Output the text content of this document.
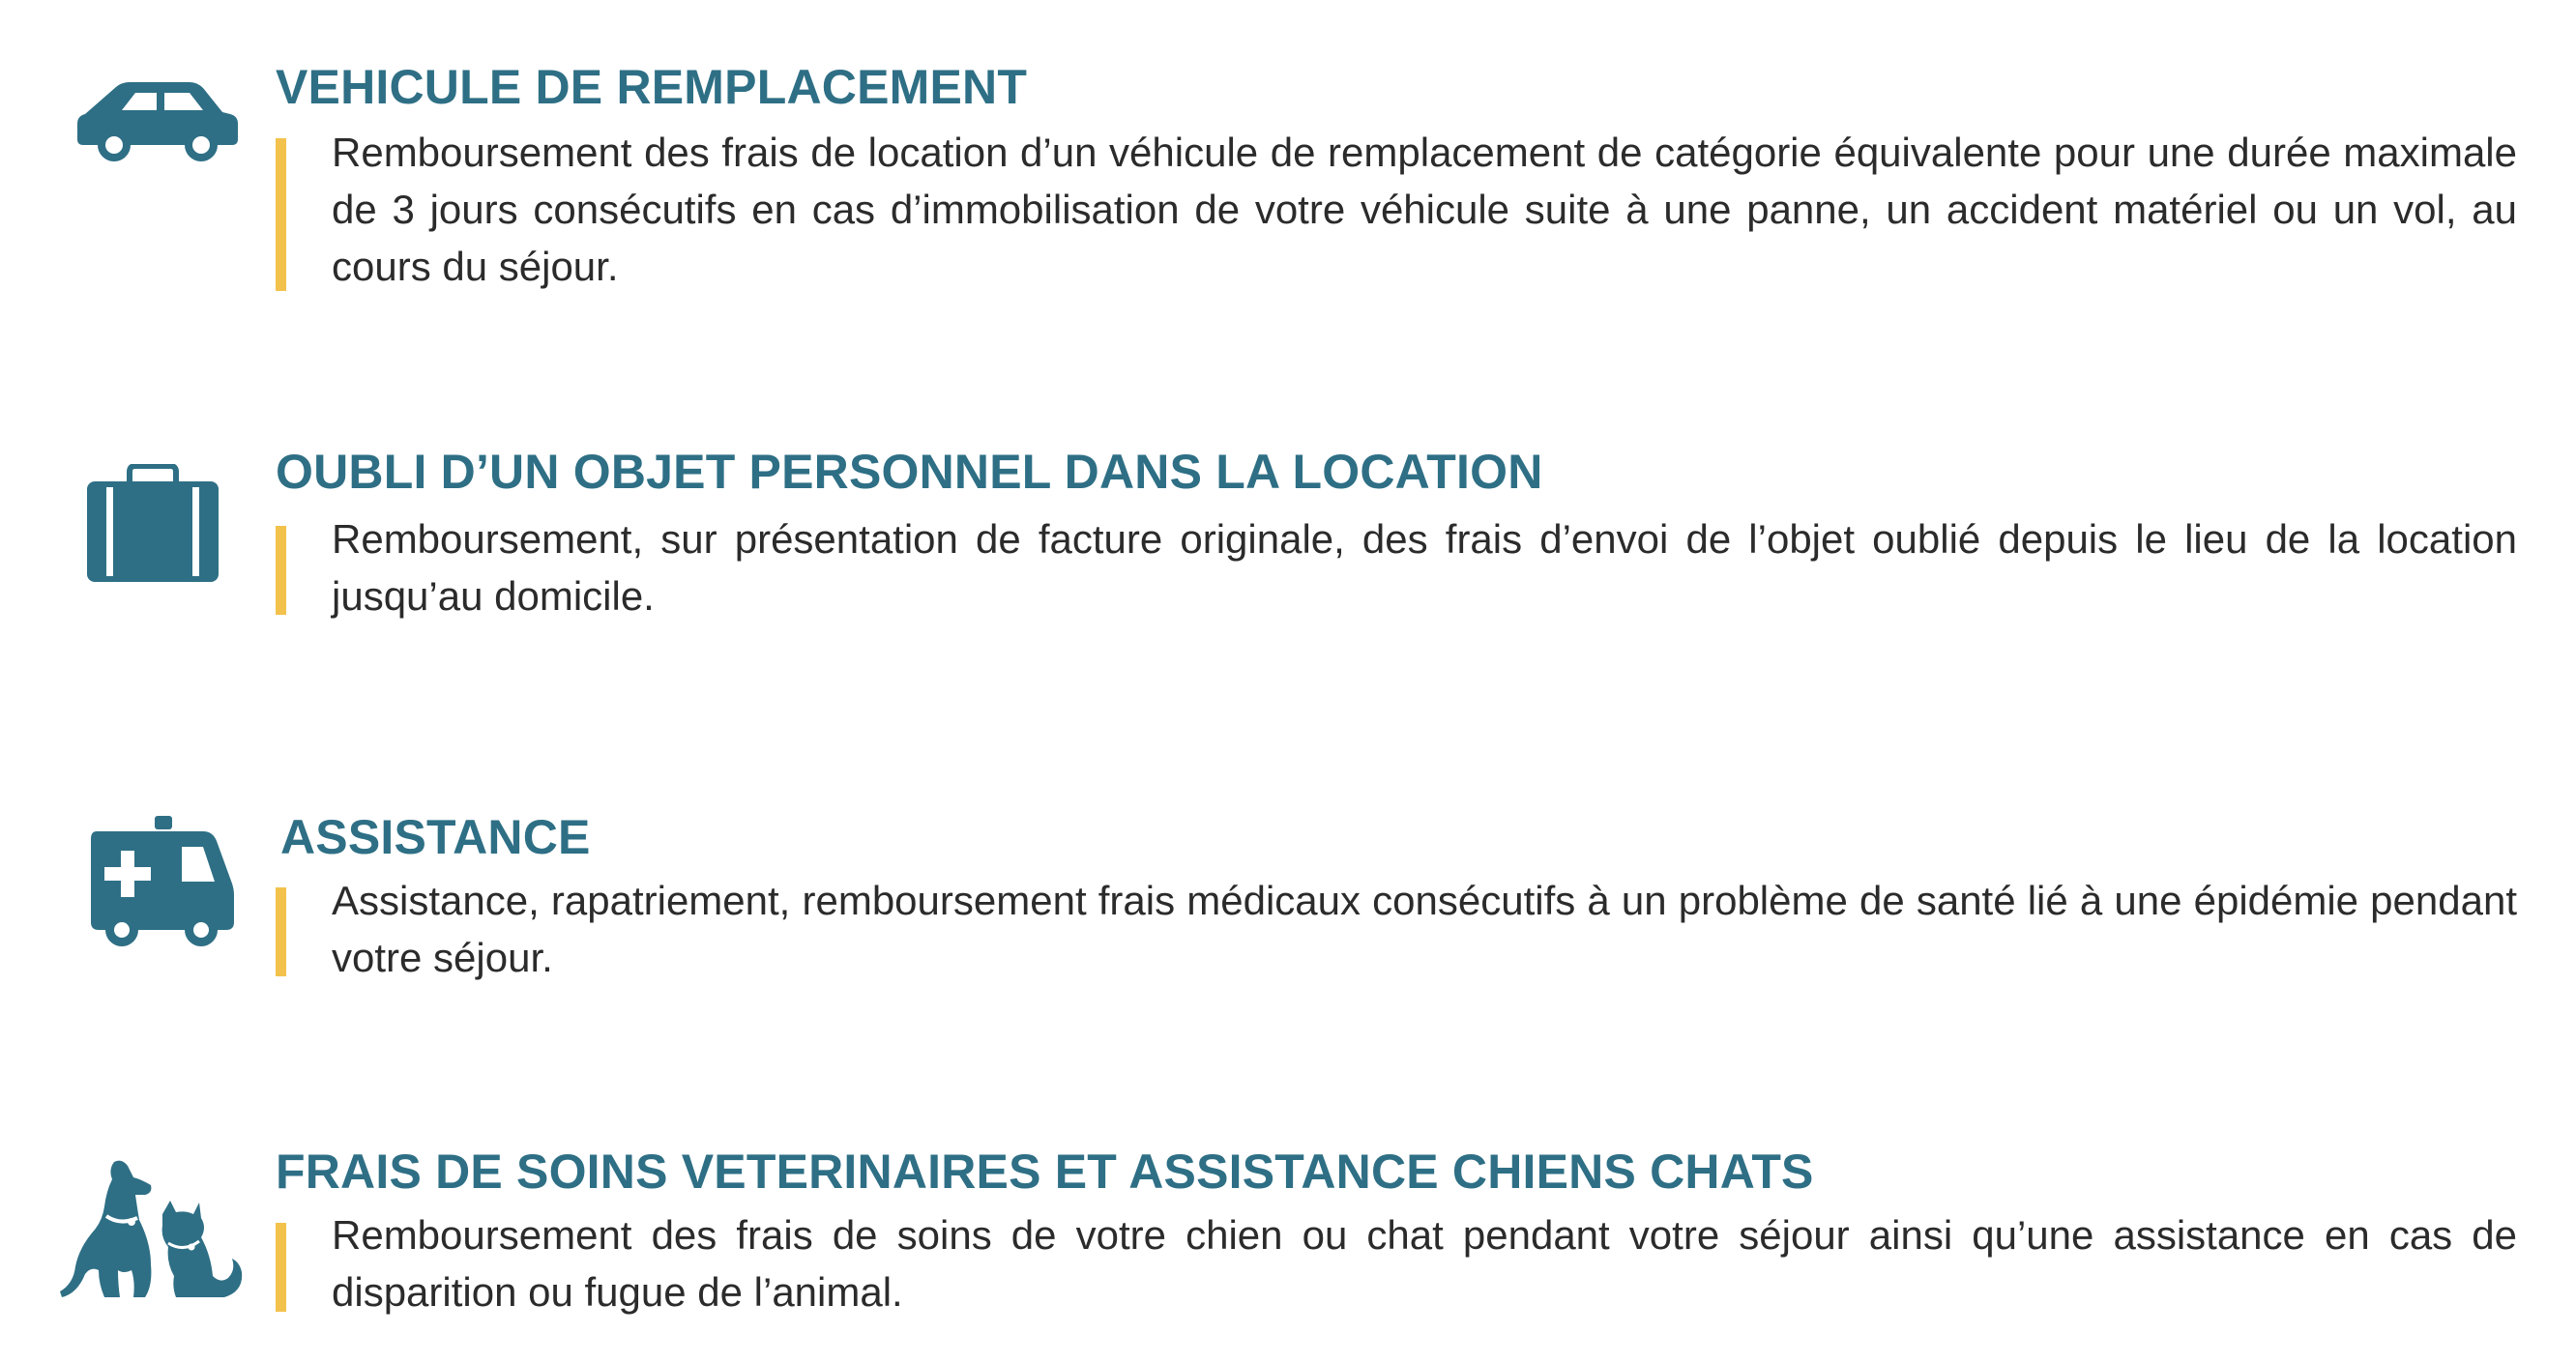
VEHICULE DE REMPLACEMENT

Remboursement des frais de location d’un véhicule de remplacement de catégorie équivalente pour une durée maximale de 3 jours consécutifs en cas d’immobilisation de votre véhicule suite à une panne, un accident matériel ou un vol, au cours du séjour.

OUBLI D’UN OBJET PERSONNEL DANS LA LOCATION

Remboursement, sur présentation de facture originale, des frais d’envoi de l’objet oublié depuis le lieu de la location jusqu’au domicile.

ASSISTANCE

Assistance, rapatriement, remboursement frais médicaux consécutifs à un problème de santé lié à une épidémie pendant votre séjour.

FRAIS DE SOINS VETERINAIRES ET ASSISTANCE CHIENS CHATS

Remboursement des frais de soins de votre chien ou chat pendant votre séjour ainsi qu’une assistance en cas de disparition ou fugue de l’animal.
